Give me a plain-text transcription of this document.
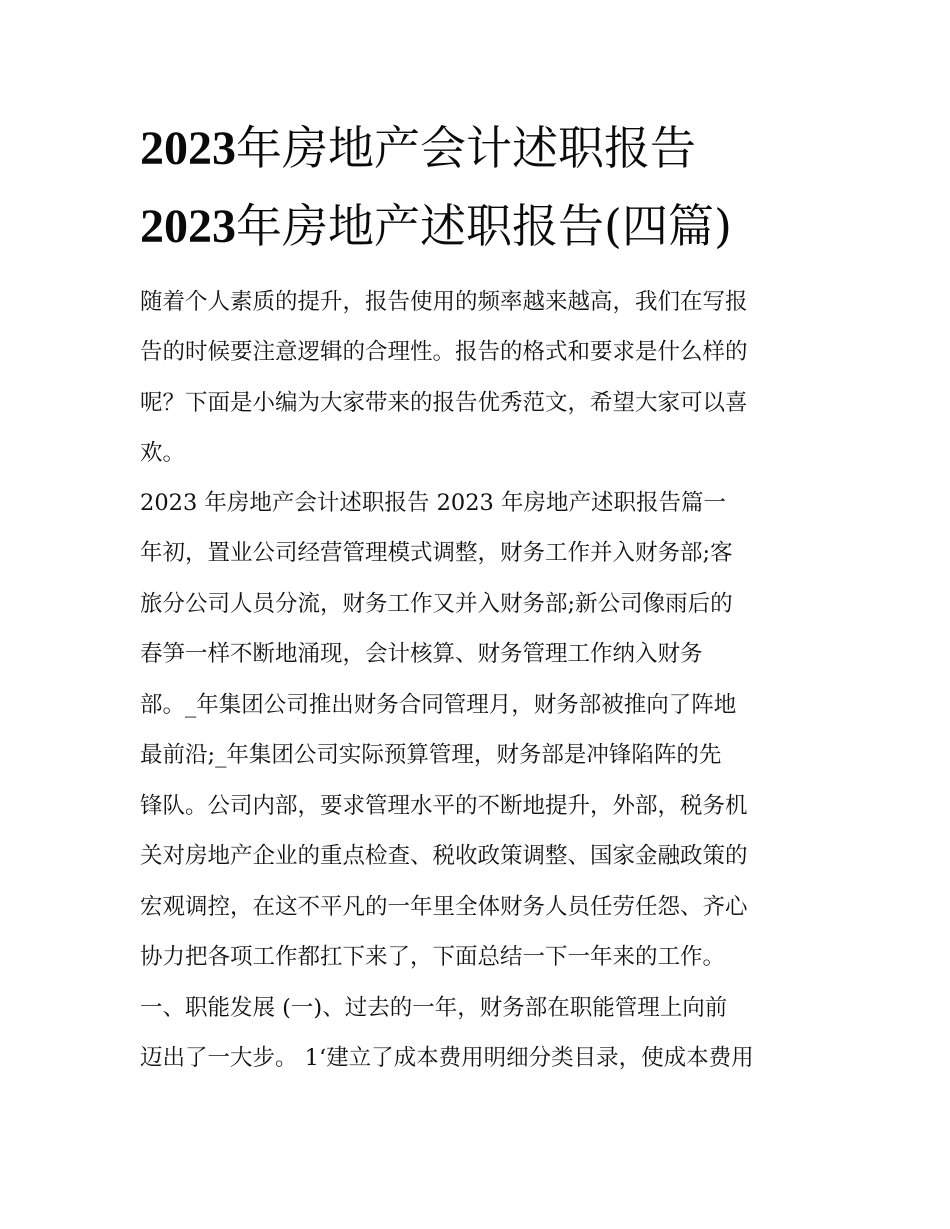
2023年房地产会计述职报告
2023年房地产述职报告(四篇)

随着个人素质的提升，报告使用的频率越来越高，我们在写报

告的时候要注意逻辑的合理性。报告的格式和要求是什么样的

呢？下面是小编为大家带来的报告优秀范文，希望大家可以喜

欢。

2023 年房地产会计述职报告 2023 年房地产述职报告篇一

年初，置业公司经营管理模式调整，财务工作并入财务部;客

旅分公司人员分流，财务工作又并入财务部;新公司像雨后的

春笋一样不断地涌现，会计核算、财务管理工作纳入财务

部。_年集团公司推出财务合同管理月，财务部被推向了阵地

最前沿;_年集团公司实际预算管理，财务部是冲锋陷阵的先

锋队。公司内部，要求管理水平的不断地提升，外部，税务机

关对房地产企业的重点检查、税收政策调整、国家金融政策的

宏观调控，在这不平凡的一年里全体财务人员任劳任怨、齐心

协力把各项工作都扛下来了，下面总结一下一年来的工作。

一、职能发展 (一)、过去的一年，财务部在职能管理上向前

迈出了一大步。 1‘建立了成本费用明细分类目录，使成本费用
